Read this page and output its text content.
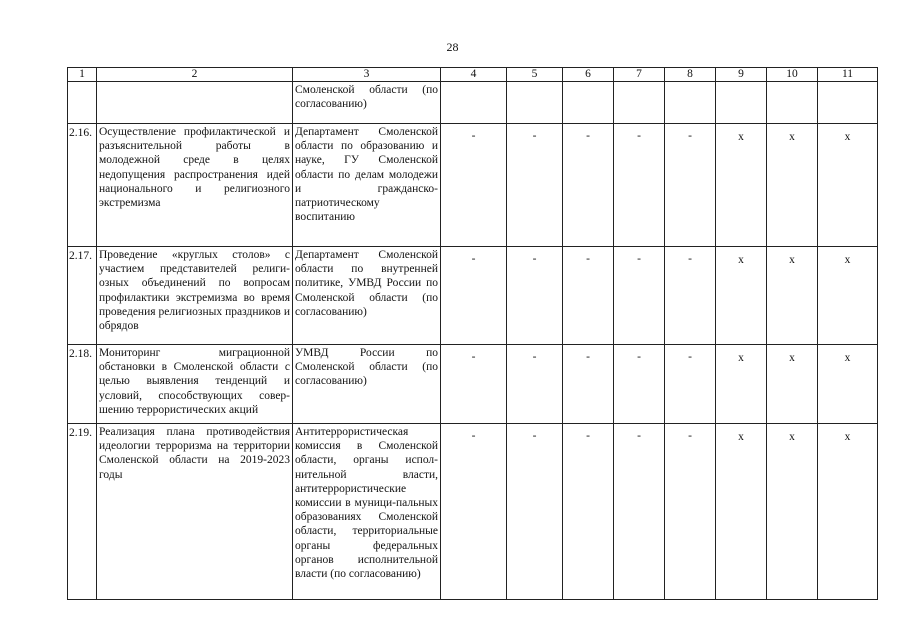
28
1	2	3	4	5	6	7	8	9	10	11
		Смоленской области (по согласованию)								
2.16.	Осуществление профилактической и разъяснительной работы в молодежной среде в целях недопущения распространения идей национального и религиозного экстремизма	Департамент Смоленской области по образованию и науке, ГУ Смоленской области по делам молодежи и гражданско-патриотическому воспитанию	-	-	-	-	-	x	x	x
2.17.	Проведение «круглых столов» с участием представителей религи-озных объединений по вопросам профилактики экстремизма во время проведения религиозных праздников и обрядов	Департамент Смоленской области по внутренней политике, УМВД России по Смоленской области (по согласованию)	-	-	-	-	-	x	x	x
2.18.	Мониторинг миграционной обстановки в Смоленской области с целью выявления тенденций и условий, способствующих совер-шению террористических акций	УМВД России по Смоленской области (по согласованию)	-	-	-	-	-	x	x	x
2.19.	Реализация плана противодействия идеологии терроризма на территории Смоленской области на 2019-2023 годы	Антитеррористическая комиссия в Смоленской области, органы испол-нительной власти, антитеррористические комиссии в муници-пальных образованиях Смоленской области, территориальные органы федеральных органов исполнительной власти (по согласованию)	-	-	-	-	-	x	x	x
